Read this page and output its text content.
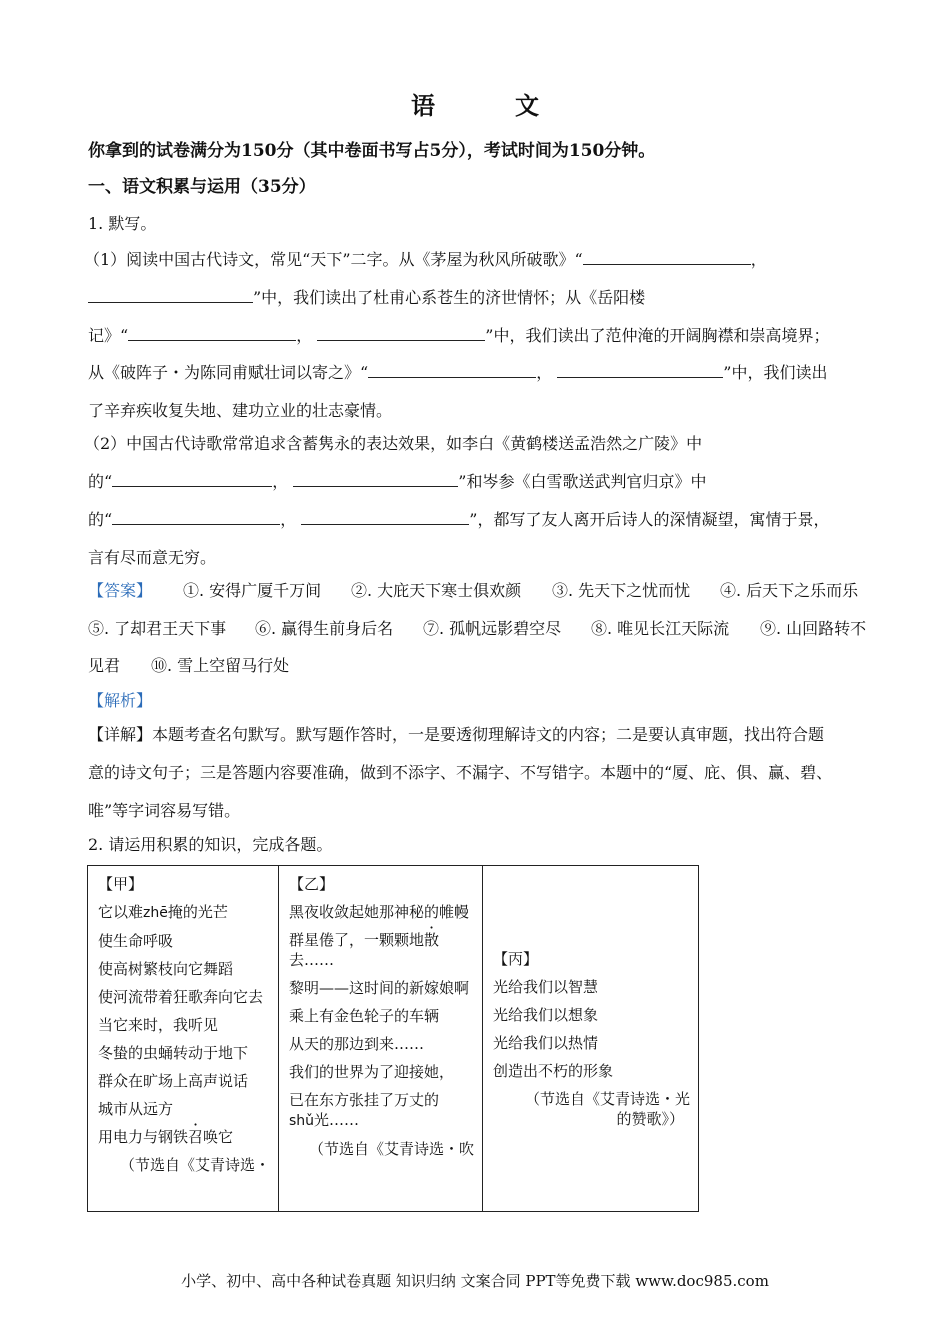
语　文
你拿到的试卷满分为150分（其中卷面书写占5分），考试时间为150分钟。
一、语文积累与运用（35分）
1. 默写。
（1）阅读中国古代诗文，常见“天下”二字。从《茅屋为秋风所破歌》“	，
”中，我们读出了杜甫心系苍生的济世情怀；从《岳阳楼
记》“	，	”中，我们读出了范仲淹的开阔胸襟和崇高境界；
从《破阵子・为陈同甫赋壮词以寄之》“	，	”中，我们读出
了辛弃疾收复失地、建功立业的壮志豪情。
（2）中国古代诗歌常常追求含蓄隽永的表达效果，如李白《黄鹤楼送孟浩然之广陵》中
的“	，	”和岑参《白雪歌送武判官归京》中
的“	，	”，都写了友人离开后诗人的深情凝望，寓情于景，
言有尽而意无穷。
【答案】 ①. 安得广厦千万间 ②. 大庇天下寒士俱欢颜 ③. 先天下之忧而忧 ④. 后天下之乐而乐
⑤. 了却君王天下事 ⑥. 赢得生前身后名 ⑦. 孤帆远影碧空尽 ⑧. 唯见长江天际流 ⑨. 山回路转不
见君 ⑩. 雪上空留马行处
【解析】
【详解】本题考查名句默写。默写题作答时，一是要透彻理解诗文的内容；二是要认真审题，找出符合题
意的诗文句子；三是答题内容要准确，做到不添字、不漏字、不写错字。本题中的“厦、庇、俱、赢、碧、
唯”等字词容易写错。
2. 请运用积累的知识，完成各题。
【甲】
它以难zhē掩的光芒
使生命呼吸
使高树繁枝向它舞蹈
使河流带着狂歌奔向它去
当它来时，我听见
冬蛰的虫蛹转动于地下
群众在旷场上高声说话
城市从远方
用电力与钢铁召唤它
（节选自《艾青诗选・

【乙】
黑夜收敛起她那神秘的帷幔
群星倦了，一颗颗地散去……
黎明——这时间的新嫁娘啊
乘上有金色轮子的车辆
从天的那边到来……
我们的世界为了迎接她，
已在东方张挂了万丈的
shǔ光……
（节选自《艾青诗选・吹

【丙】
光给我们以智慧
光给我们以想象
光给我们以热情
创造出不朽的形象
（节选自《艾青诗选・光
的赞歌》）
小学、初中、高中各种试卷真题 知识归纳 文案合同 PPT等免费下载 www.doc985.com
